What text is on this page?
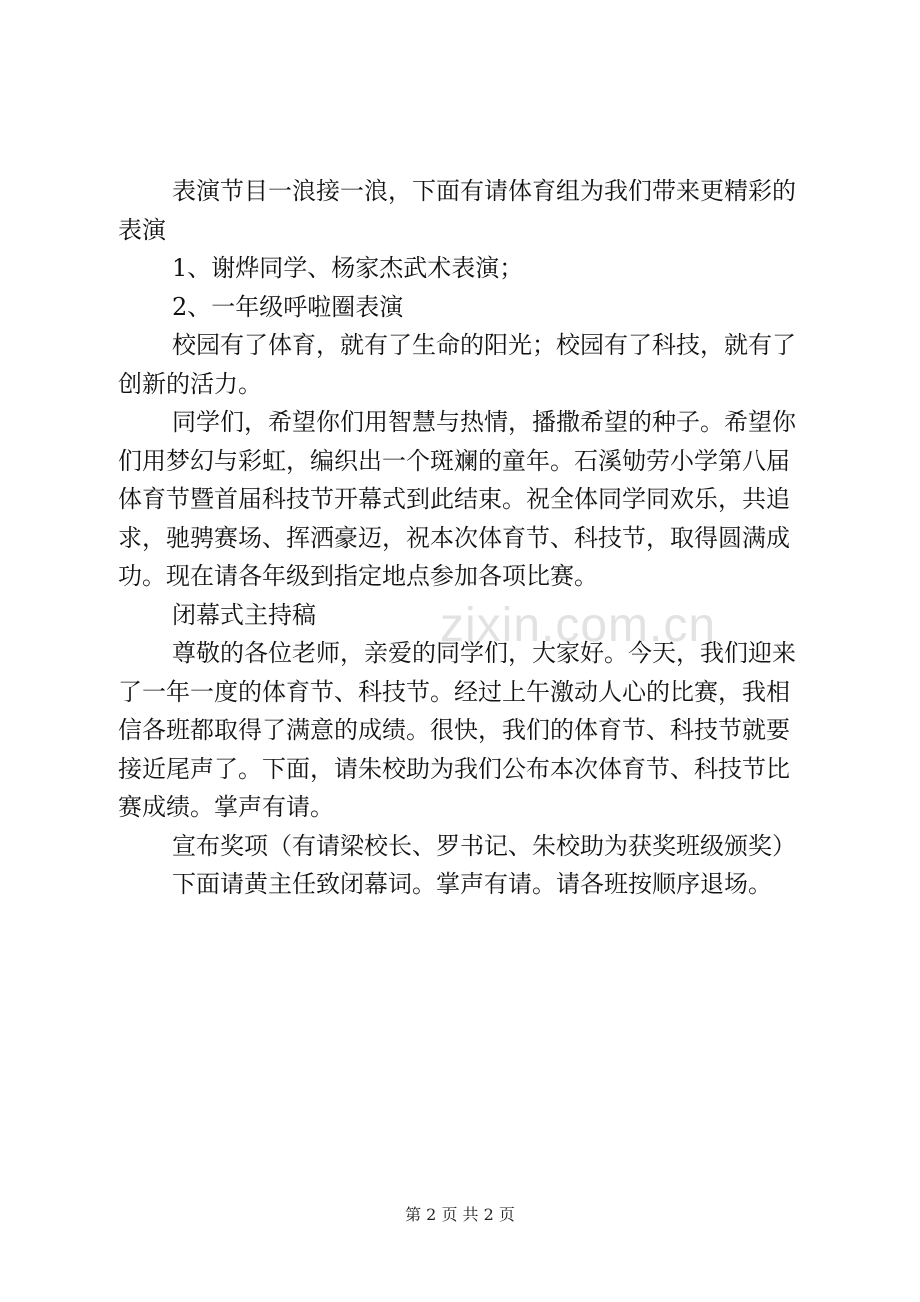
表演节目一浪接一浪，下面有请体育组为我们带来更精彩的
表演

1、谢烨同学、杨家杰武术表演；

2、一年级呼啦圈表演

校园有了体育，就有了生命的阳光；校园有了科技，就有了
创新的活力。

同学们，希望你们用智慧与热情，播撒希望的种子。希望你
们用梦幻与彩虹，编织出一个斑斓的童年。石溪劬劳小学第八届
体育节暨首届科技节开幕式到此结束。祝全体同学同欢乐，共追
求，驰骋赛场、挥洒豪迈，祝本次体育节、科技节，取得圆满成
功。现在请各年级到指定地点参加各项比赛。

闭幕式主持稿

尊敬的各位老师，亲爱的同学们，大家好。今天，我们迎来
了一年一度的体育节、科技节。经过上午激动人心的比赛，我相
信各班都取得了满意的成绩。很快，我们的体育节、科技节就要
接近尾声了。下面，请朱校助为我们公布本次体育节、科技节比
赛成绩。掌声有请。

宣布奖项（有请梁校长、罗书记、朱校助为获奖班级颁奖）

下面请黄主任致闭幕词。掌声有请。请各班按顺序退场。

zixin.com.cn
第 2 页 共 2 页
